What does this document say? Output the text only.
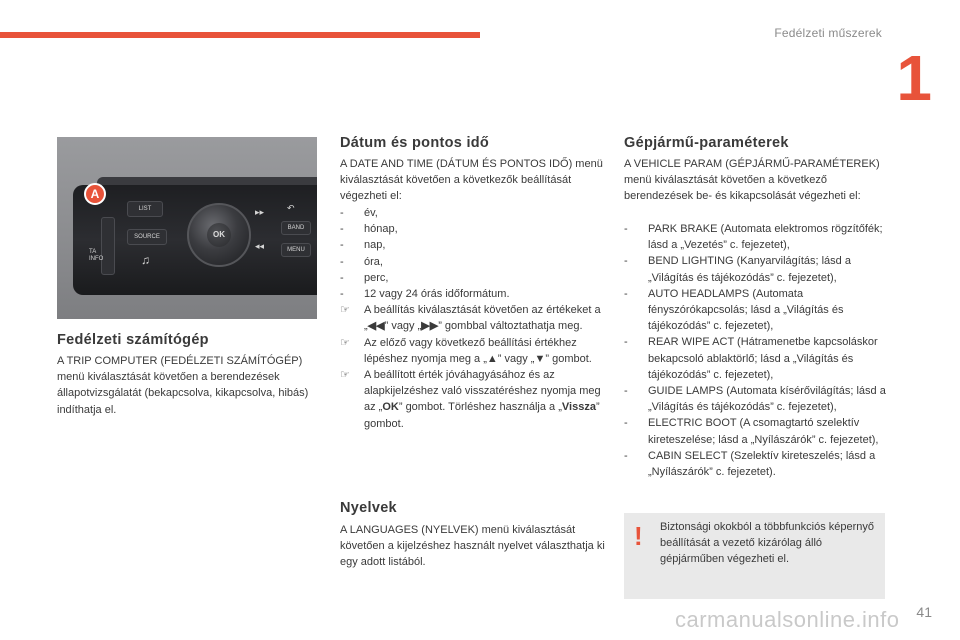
Fedélzeti műszerek
1
A
TA
INFO
LIST
SOURCE
♫
OK
▸▸
◂◂
BAND
MENU
↶
Fedélzeti számítógép
A TRIP COMPUTER (FEDÉLZETI SZÁMÍTÓGÉP) menü kiválasztását követően a berendezések állapotvizsgálatát (bekapcsolva, kikapcsolva, hibás) indíthatja el.
Dátum és pontos idő
A DATE AND TIME (DÁTUM ÉS PONTOS IDŐ) menü kiválasztását követően a következők beállítását végezheti el:
- év,
- hónap,
- nap,
- óra,
- perc,
- 12 vagy 24 órás időformátum.
☞ A beállítás kiválasztását követően az értékeket a „◀◀” vagy „▶▶” gombbal változtathatja meg.
☞ Az előző vagy következő beállítási értékhez lépéshez nyomja meg a „▲” vagy „▼” gombot.
☞ A beállított érték jóváhagyásához és az alapkijelzéshez való visszatéréshez nyomja meg az „OK” gombot. Törléshez használja a „Vissza” gombot.
Nyelvek
A LANGUAGES (NYELVEK) menü kiválasztását követően a kijelzéshez használt nyelvet választhatja ki egy adott listából.
Gépjármű-paraméterek
A VEHICLE PARAM (GÉPJÁRMŰ-PARAMÉTEREK) menü kiválasztását követően a következő berendezések be- és kikapcsolását végezheti el:
- PARK BRAKE (Automata elektromos rögzítőfék; lásd a „Vezetés” c. fejezetet),
- BEND LIGHTING (Kanyarvilágítás; lásd a „Világítás és tájékozódás” c. fejezetet),
- AUTO HEADLAMPS (Automata fényszórókapcsolás; lásd a „Világítás és tájékozódás” c. fejezetet),
- REAR WIPE ACT (Hátramenetbe kapcsoláskor bekapcsoló ablaktörlő; lásd a „Világítás és tájékozódás” c. fejezetet),
- GUIDE LAMPS (Automata kísérővilágítás; lásd a „Világítás és tájékozódás” c. fejezetet),
- ELECTRIC BOOT (A csomagtartó szelektív kireteszelése; lásd a „Nyílászárók” c. fejezetet),
- CABIN SELECT (Szelektív kireteszelés; lásd a „Nyílászárók” c. fejezetet).
! Biztonsági okokból a többfunkciós képernyő beállítását a vezető kizárólag álló gépjárműben végezheti el.
carmanualsonline.info 41
